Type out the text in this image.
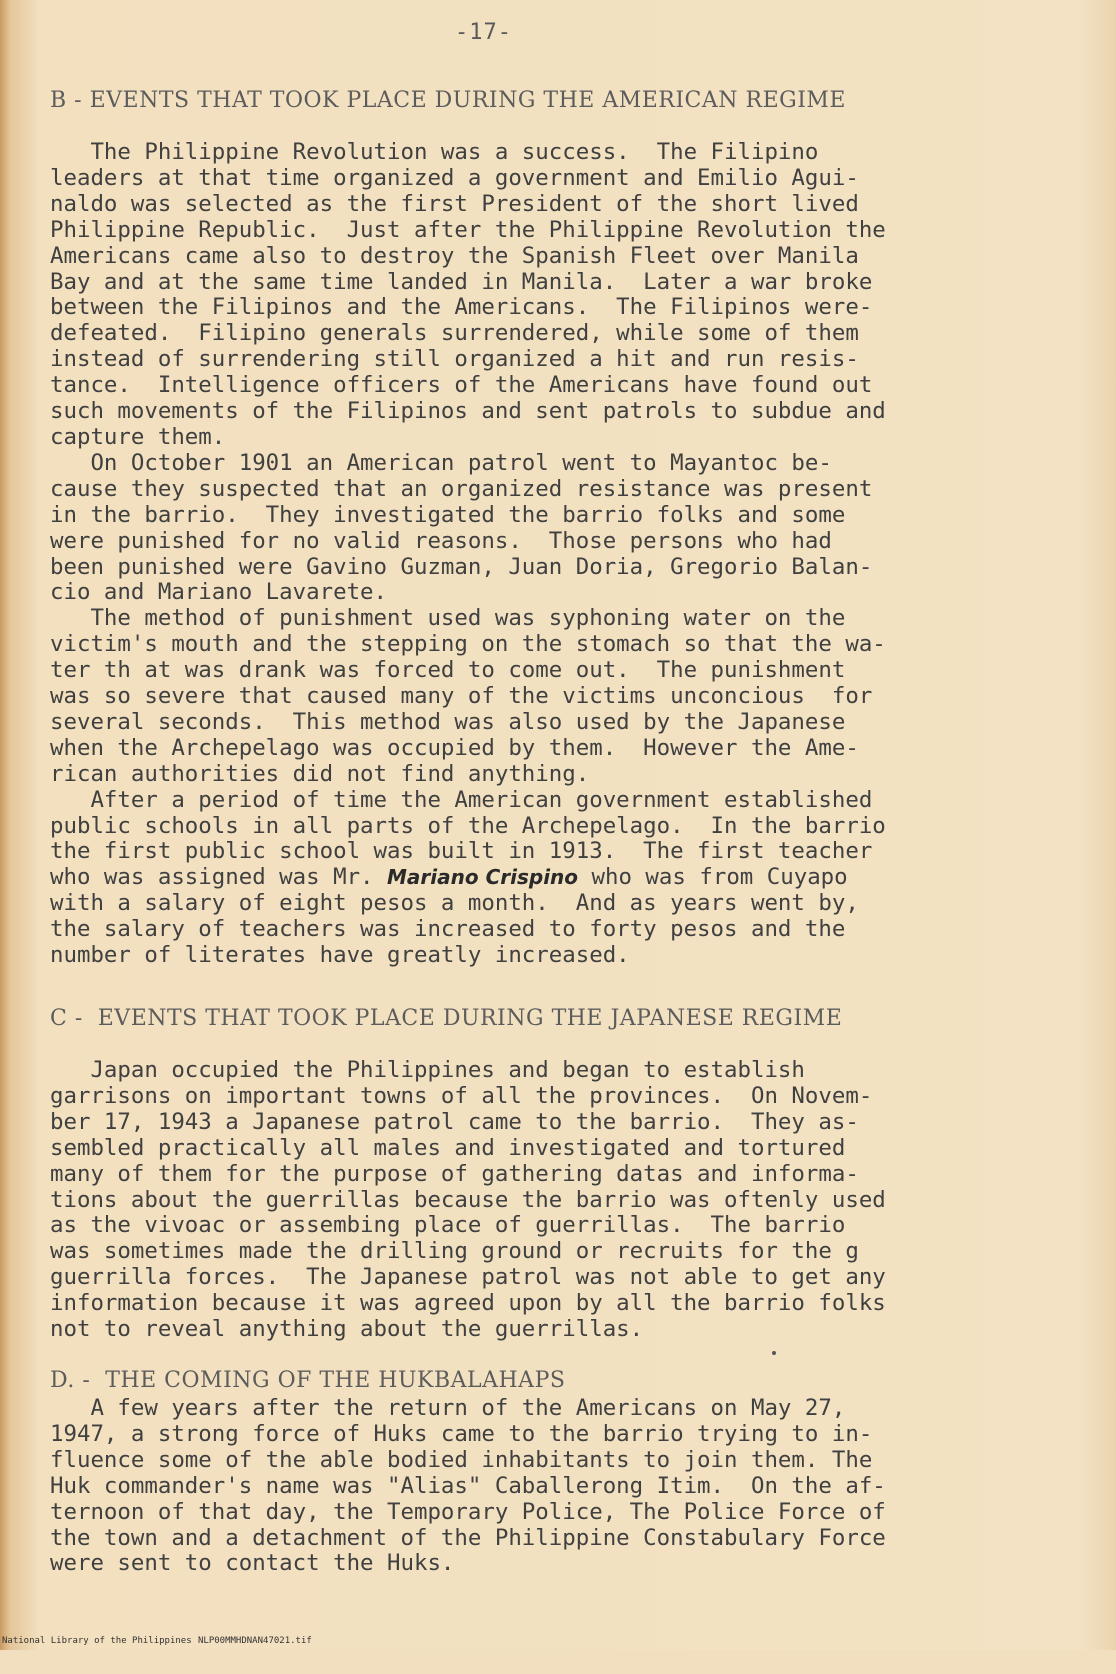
-17-
B - EVENTS THAT TOOK PLACE DURING THE AMERICAN REGIME
The Philippine Revolution was a success.  The Filipino
leaders at that time organized a government and Emilio Agui-
naldo was selected as the first President of the short lived
Philippine Republic.  Just after the Philippine Revolution the
Americans came also to destroy the Spanish Fleet over Manila
Bay and at the same time landed in Manila.  Later a war broke
between the Filipinos and the Americans.  The Filipinos were-
defeated.  Filipino generals surrendered, while some of them
instead of surrendering still organized a hit and run resis-
tance.  Intelligence officers of the Americans have found out
such movements of the Filipinos and sent patrols to subdue and
capture them.
On October 1901 an American patrol went to Mayantoc be-
cause they suspected that an organized resistance was present
in the barrio.  They investigated the barrio folks and some
were punished for no valid reasons.  Those persons who had
been punished were Gavino Guzman, Juan Doria, Gregorio Balan-
cio and Mariano Lavarete.
The method of punishment used was syphoning water on the
victim's mouth and the stepping on the stomach so that the wa-
ter th at was drank was forced to come out.  The punishment
was so severe that caused many of the victims unconcious  for
several seconds.  This method was also used by the Japanese
when the Archepelago was occupied by them.  However the Ame-
rican authorities did not find anything.
After a period of time the American government established
public schools in all parts of the Archepelago.  In the barrio
the first public school was built in 1913.  The first teacher
who was assigned was Mr. Mariano Crispino who was from Cuyapo
with a salary of eight pesos a month.  And as years went by,
the salary of teachers was increased to forty pesos and the
number of literates have greatly increased.
C -  EVENTS THAT TOOK PLACE DURING THE JAPANESE REGIME
Japan occupied the Philippines and began to establish
garrisons on important towns of all the provinces.  On Novem-
ber 17, 1943 a Japanese patrol came to the barrio.  They as-
sembled practically all males and investigated and tortured
many of them for the purpose of gathering datas and informa-
tions about the guerrillas because the barrio was oftenly used
as the vivoac or assembing place of guerrillas.  The barrio
was sometimes made the drilling ground or recruits for the g
guerrilla forces.  The Japanese patrol was not able to get any
information because it was agreed upon by all the barrio folks
not to reveal anything about the guerrillas.
D. -  THE COMING OF THE HUKBALAHAPS
A few years after the return of the Americans on May 27,
1947, a strong force of Huks came to the barrio trying to in-
fluence some of the able bodied inhabitants to join them. The
Huk commander's name was "Alias" Caballerong Itim.  On the af-
ternoon of that day, the Temporary Police, The Police Force of
the town and a detachment of the Philippine Constabulary Force
were sent to contact the Huks.

National Library of the Philippines

NLP00MMHDNAN47021.tif
